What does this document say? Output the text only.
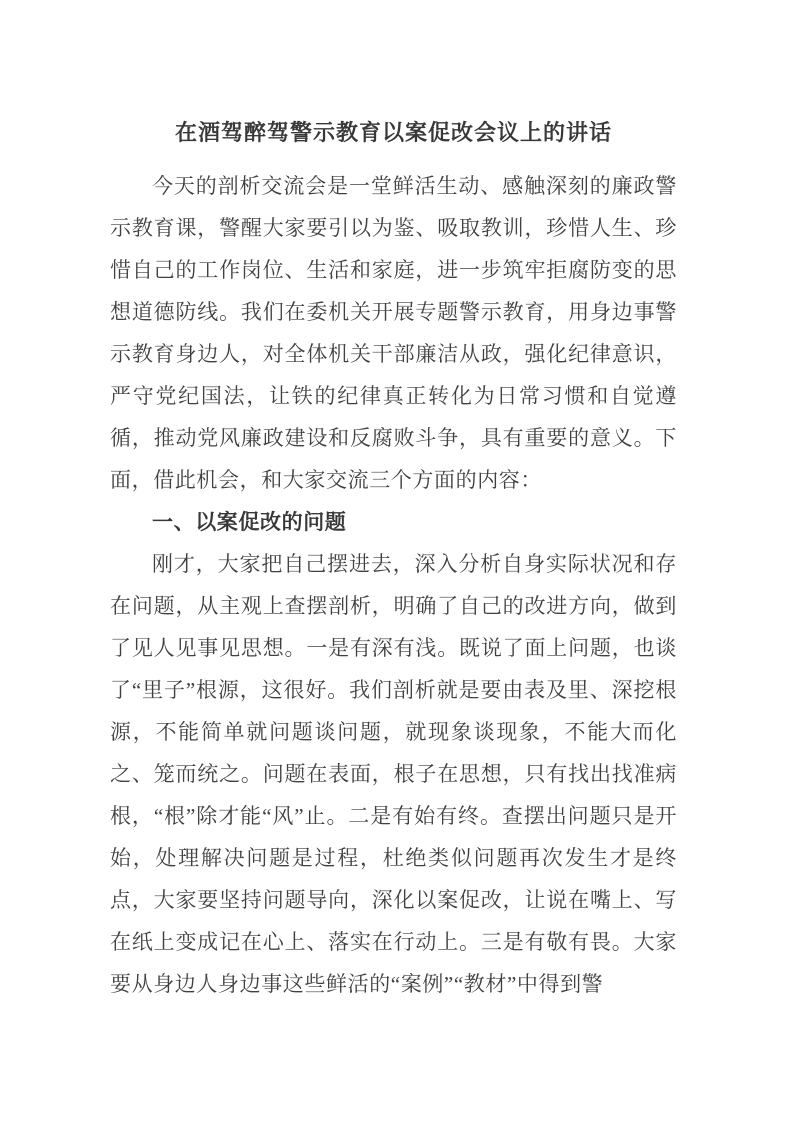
在酒驾醉驾警示教育以案促改会议上的讲话

今天的剖析交流会是一堂鲜活生动、感触深刻的廉政警示教育课，警醒大家要引以为鉴、吸取教训，珍惜人生、珍惜自己的工作岗位、生活和家庭，进一步筑牢拒腐防变的思想道德防线。我们在委机关开展专题警示教育，用身边事警示教育身边人，对全体机关干部廉洁从政，强化纪律意识，严守党纪国法，让铁的纪律真正转化为日常习惯和自觉遵循，推动党风廉政建设和反腐败斗争，具有重要的意义。下面，借此机会，和大家交流三个方面的内容：

一、以案促改的问题

刚才，大家把自己摆进去，深入分析自身实际状况和存在问题，从主观上查摆剖析，明确了自己的改进方向，做到了见人见事见思想。一是有深有浅。既说了面上问题，也谈了“里子”根源，这很好。我们剖析就是要由表及里、深挖根源，不能简单就问题谈问题，就现象谈现象，不能大而化之、笼而统之。问题在表面，根子在思想，只有找出找准病根，“根”除才能“风”止。二是有始有终。查摆出问题只是开始，处理解决问题是过程，杜绝类似问题再次发生才是终点，大家要坚持问题导向，深化以案促改，让说在嘴上、写在纸上变成记在心上、落实在行动上。三是有敬有畏。大家要从身边人身边事这些鲜活的“案例”“教材”中得到警
